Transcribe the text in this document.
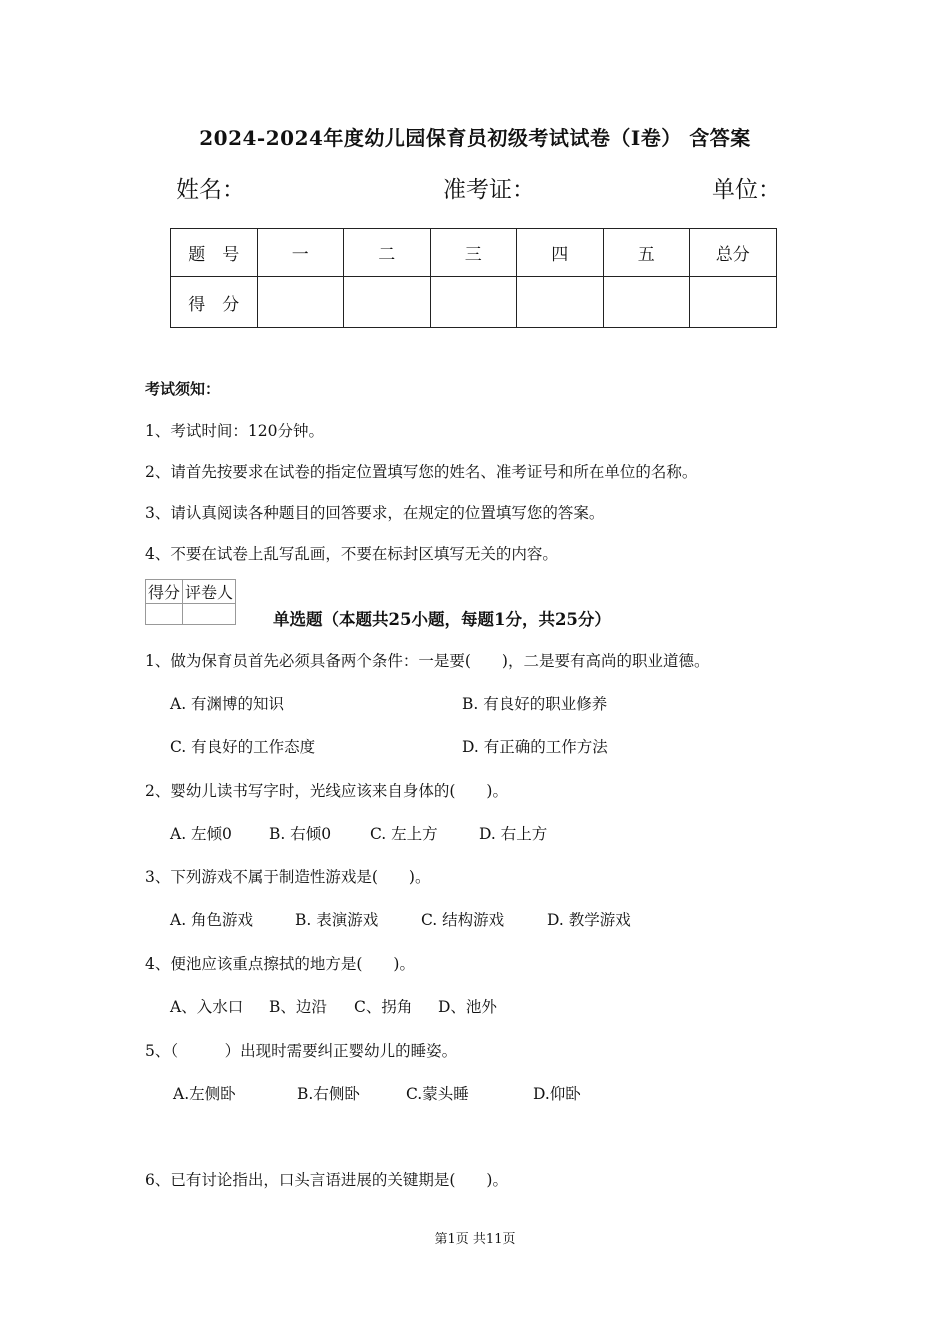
2024-2024年度幼儿园保育员初级考试试卷（I卷） 含答案
姓名：	准考证：	单位：
题　号	一	二	三	四	五	总分
得　分						
考试须知：
1、考试时间：120分钟。
2、请首先按要求在试卷的指定位置填写您的姓名、准考证号和所在单位的名称。
3、请认真阅读各种题目的回答要求，在规定的位置填写您的答案。
4、不要在试卷上乱写乱画，不要在标封区填写无关的内容。
得分	评卷人

单选题（本题共25小题，每题1分，共25分）
1、做为保育员首先必须具备两个条件：一是要(　　)，二是要有高尚的职业道德。
A. 有渊博的知识	B. 有良好的职业修养
C. 有良好的工作态度	D. 有正确的工作方法
2、婴幼儿读书写字时，光线应该来自身体的(　　)。
A. 左倾0 B. 右倾0	C. 左上方	D. 右上方
3、下列游戏不属于制造性游戏是(　　)。
A. 角色游戏	B. 表演游戏	C. 结构游戏	D. 教学游戏
4、便池应该重点擦拭的地方是(　　)。
A、入水口 B、边沿 C、拐角 D、池外
5、（　　　）出现时需要纠正婴幼儿的睡姿。
A.左侧卧	B.右侧卧	C.蒙头睡	D.仰卧
6、已有讨论指出，口头言语进展的关键期是(　　)。
第1页 共11页
